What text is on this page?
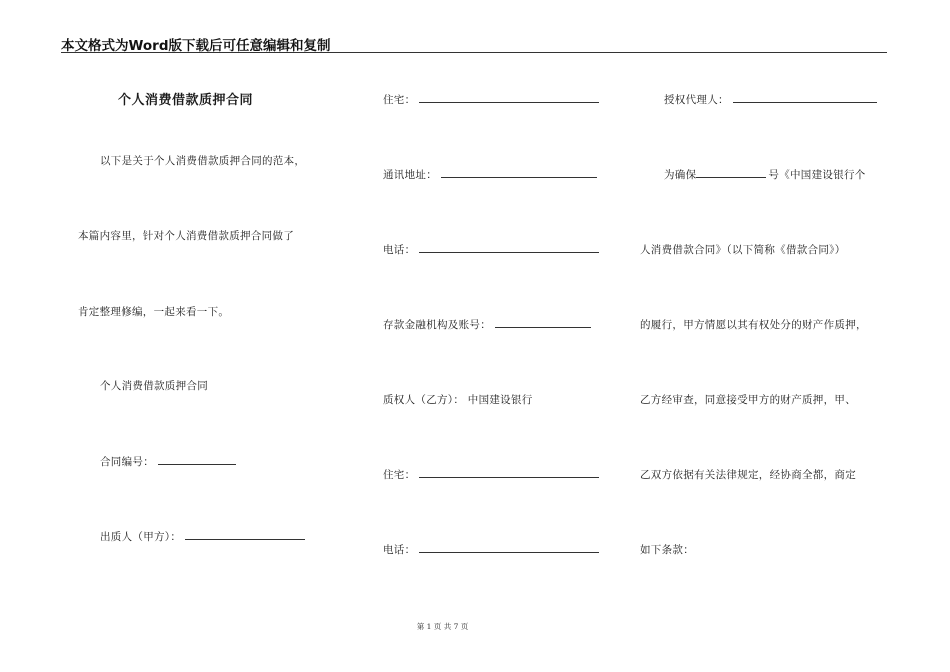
本文格式为Word版下载后可任意编辑和复制
个人消费借款质押合同
以下是关于个人消费借款质押合同的范本，
本篇内容里，针对个人消费借款质押合同做了
肯定整理修编，一起来看一下。
个人消费借款质押合同
合同编号：
出质人（甲方）：
住宅：
通讯地址：
电话：
存款金融机构及账号：
质权人（乙方）： 中国建设银行
住宅：
电话：
授权代理人：
为确保	号《中国建设银行个
人消费借款合同》（以下简称《借款合同》）
的履行，甲方情愿以其有权处分的财产作质押，
乙方经审查，同意接受甲方的财产质押，甲、
乙双方依据有关法律规定，经协商全都，商定
如下条款：
第 1 页 共 7 页
